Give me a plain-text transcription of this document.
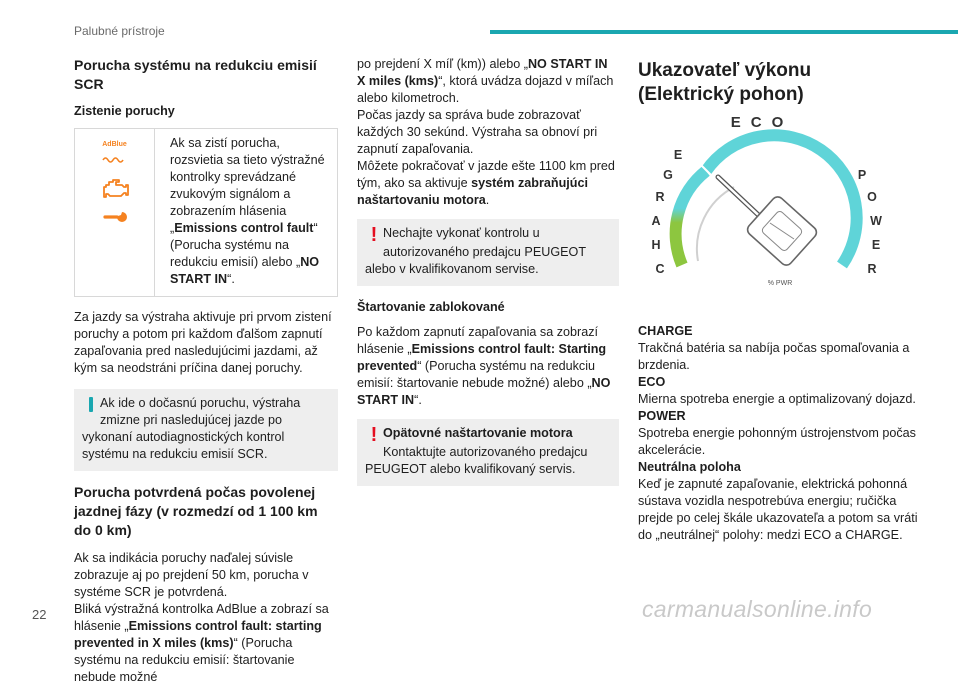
Palubné prístroje
Porucha systému na redukciu emisií SCR
Zistenie poruchy
AdBlue	Ak sa zistí porucha, rozsvietia sa tieto výstražné kontrolky sprevádzané zvukovým signálom a zobrazením hlásenia „Emissions control fault“ (Porucha systému na redukciu emisií) alebo „NO START IN“.
Za jazdy sa výstraha aktivuje pri prvom zistení poruchy a potom pri každom ďalšom zapnutí zapaľovania pred nasledujúcimi jazdami, až kým sa neodstráni príčina danej poruchy.
Ak ide o dočasnú poruchu, výstraha
zmizne pri nasledujúcej jazde po vykonaní autodiagnostických kontrol systému na redukciu emisií SCR.
Porucha potvrdená počas povolenej jazdnej fázy (v rozmedzí od 1 100 km do 0 km)
Ak sa indikácia poruchy naďalej súvisle zobrazuje aj po prejdení 50 km, porucha v systéme SCR je potvrdená.
Bliká výstražná kontrolka AdBlue a zobrazí sa hlásenie „Emissions control fault: starting prevented in X miles (kms)“ (Porucha systému na redukciu emisií: štartovanie nebude možné
po prejdení X míľ (km)) alebo „NO START IN X miles (kms)“, ktorá uvádza dojazd v míľach alebo kilometroch.
Počas jazdy sa správa bude zobrazovať každých 30 sekúnd. Výstraha sa obnoví pri zapnutí zapaľovania.
Môžete pokračovať v jazde ešte 1100 km pred tým, ako sa aktivuje systém zabraňujúci naštartovaniu motora.
! Nechajte vykonať kontrolu u
autorizovaného predajcu PEUGEOT alebo v kvalifikovanom servise.
Štartovanie zablokované
Po každom zapnutí zapaľovania sa zobrazí hlásenie „Emissions control fault: Starting prevented“ (Porucha systému na redukciu emisií: štartovanie nebude možné) alebo „NO START IN“.
! Opätovné naštartovanie motora
Kontaktujte autorizovaného predajcu PEUGEOT alebo kvalifikovaný servis.
Ukazovateľ výkonu
(Elektrický pohon)
ECO
C
H
A
R
G
E
P
O
W
E
R
% PWR
CHARGE
Trakčná batéria sa nabíja počas spomaľovania a brzdenia.
ECO
Mierna spotreba energie a optimalizovaný dojazd.
POWER
Spotreba energie pohonným ústrojenstvom počas akcelerácie.
Neutrálna poloha
Keď je zapnuté zapaľovanie, elektrická pohonná sústava vozidla nespotrebúva energiu; ručička prejde po celej škále ukazovateľa a potom sa vráti do „neutrálnej“ polohy: medzi ECO a CHARGE.
22	carmanualsonline.info
